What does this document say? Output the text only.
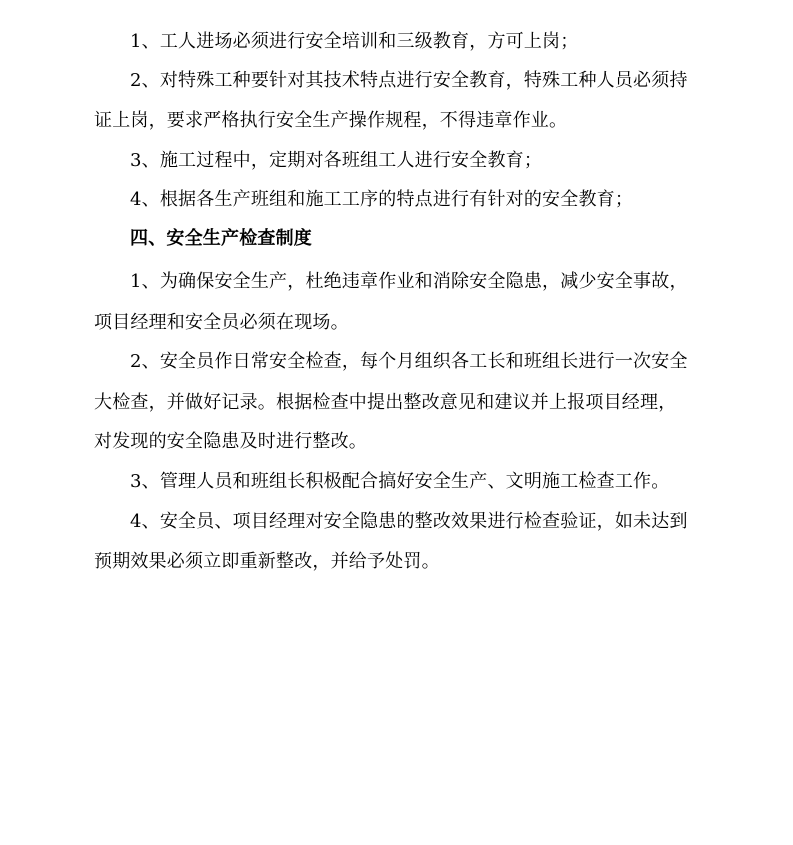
1、工人进场必须进行安全培训和三级教育，方可上岗；
2、对特殊工种要针对其技术特点进行安全教育，特殊工种人员必须持
证上岗，要求严格执行安全生产操作规程，不得违章作业。
3、施工过程中，定期对各班组工人进行安全教育；
4、根据各生产班组和施工工序的特点进行有针对的安全教育；
四、安全生产检查制度
1、为确保安全生产，杜绝违章作业和消除安全隐患，减少安全事故，
项目经理和安全员必须在现场。
2、安全员作日常安全检查，每个月组织各工长和班组长进行一次安全
大检查，并做好记录。根据检查中提出整改意见和建议并上报项目经理，
对发现的安全隐患及时进行整改。
3、管理人员和班组长积极配合搞好安全生产、文明施工检查工作。
4、安全员、项目经理对安全隐患的整改效果进行检查验证，如未达到
预期效果必须立即重新整改，并给予处罚。
